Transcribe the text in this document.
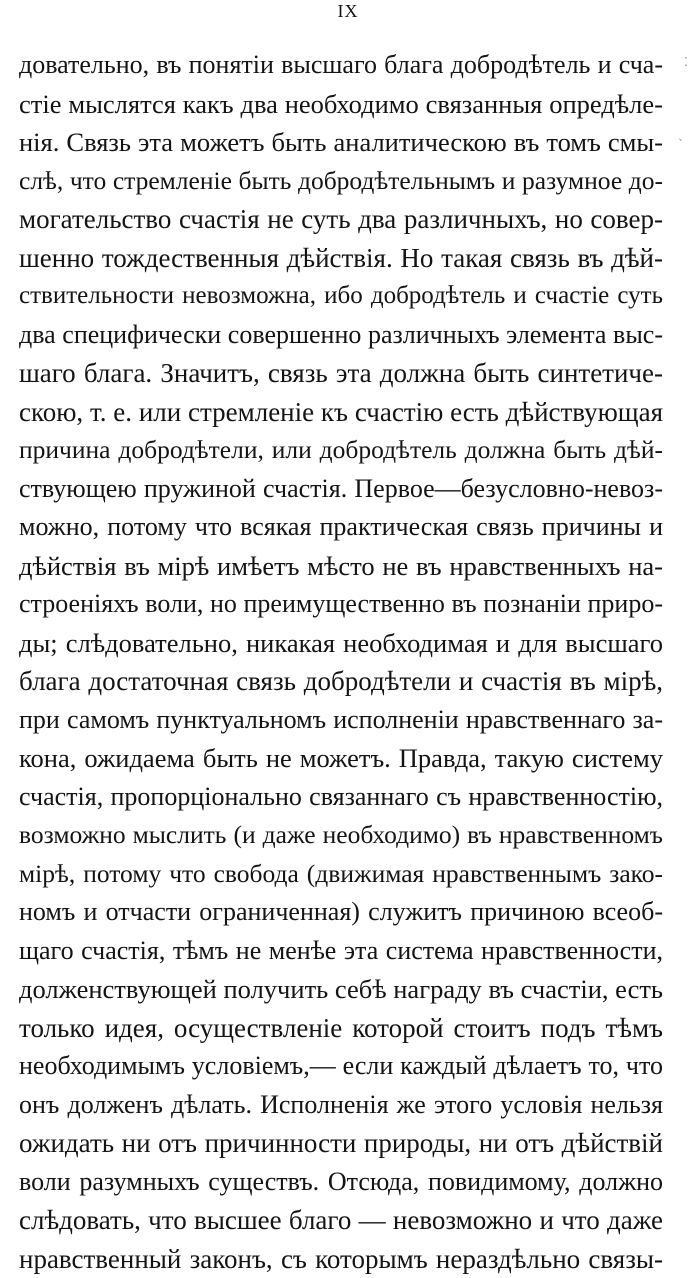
IX
довательно, въ понятіи высшаго блага добродѣтель и сча-
стіе мыслятся какъ два необходимо связанныя опредѣле-
нія. Связь эта можетъ быть аналитическою въ томъ смы-
слѣ, что стремленіе быть добродѣтельнымъ и разумное до-
могательство счастія не суть два различныхъ, но совер-
шенно тождественныя дѣйствія. Но такая связь въ дѣй-
ствительности невозможна, ибо добродѣтель и счастіе суть
два специфически совершенно различныхъ элемента выс-
шаго блага. Значитъ, связь эта должна быть синтетиче-
скою, т. е. или стремленіе къ счастію есть дѣйствующая
причина добродѣтели, или добродѣтель должна быть дѣй-
ствующею пружиной счастія. Первое—безусловно-невоз-
можно, потому что всякая практическая связь причины и
дѣйствія въ мірѣ имѣетъ мѣсто не въ нравственныхъ на-
строеніяхъ воли, но преимущественно въ познаніи приро-
ды; слѣдовательно, никакая необходимая и для высшаго
блага достаточная связь добродѣтели и счастія въ мірѣ,
при самомъ пунктуальномъ исполненіи нравственнаго за-
кона, ожидаема быть не можетъ. Правда, такую систему
счастія, пропорціонально связаннаго съ нравственностію,
возможно мыслить (и даже необходимо) въ нравственномъ
мірѣ, потому что свобода (движимая нравственнымъ зако-
номъ и отчасти ограниченная) служитъ причиною всеоб-
щаго счастія, тѣмъ не менѣе эта система нравственности,
долженствующей получить себѣ награду въ счастіи, есть
только идея, осуществленіе которой стоитъ подъ тѣмъ
необходимымъ условіемъ,— если каждый дѣлаетъ то, что
онъ долженъ дѣлать. Исполненія же этого условія нельзя
ожидать ни отъ причинности природы, ни отъ дѣйствій
воли разумныхъ существъ. Отсюда, повидимому, должно
слѣдовать, что высшее благо — невозможно и что даже
нравственный законъ, съ которымъ нераздѣльно связы-
⁚
ˎ
